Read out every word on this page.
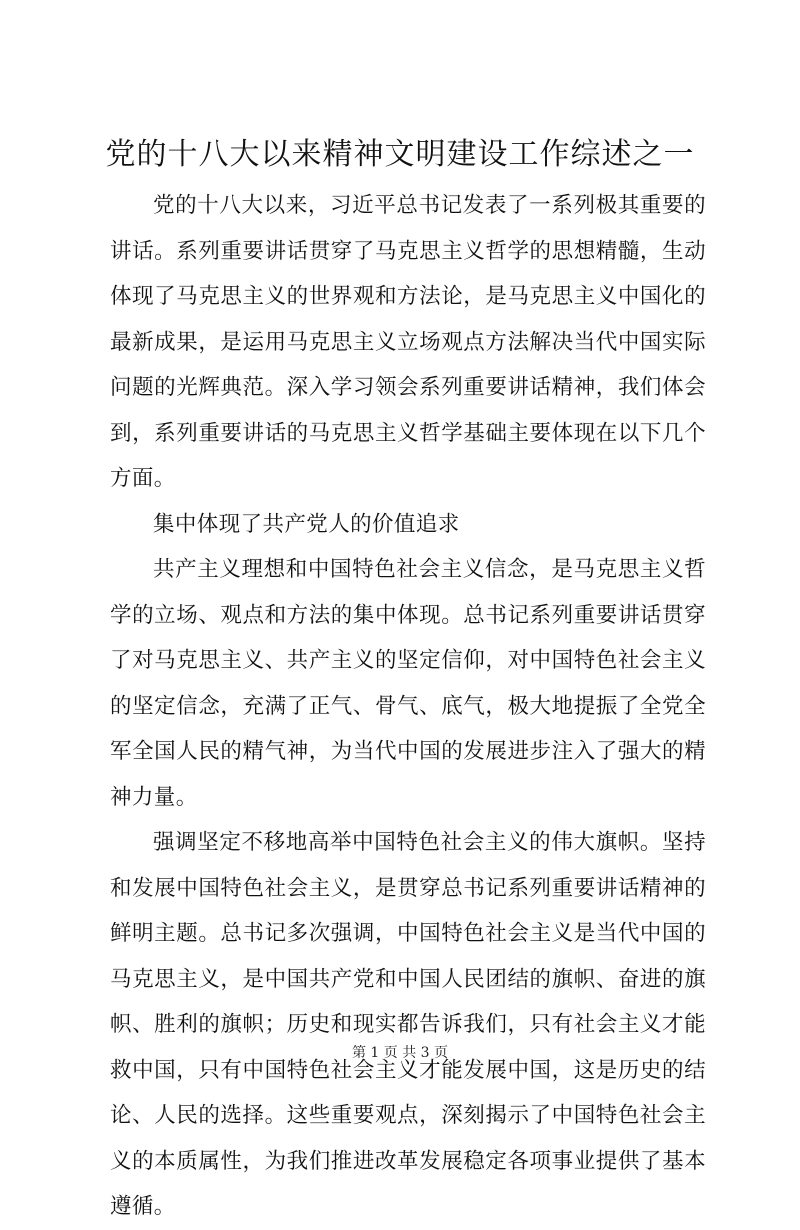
党的十八大以来精神文明建设工作综述之一

党的十八大以来，习近平总书记发表了一系列极其重要的讲话。系列重要讲话贯穿了马克思主义哲学的思想精髓，生动体现了马克思主义的世界观和方法论，是马克思主义中国化的最新成果，是运用马克思主义立场观点方法解决当代中国实际问题的光辉典范。深入学习领会系列重要讲话精神，我们体会到，系列重要讲话的马克思主义哲学基础主要体现在以下几个方面。

集中体现了共产党人的价值追求

共产主义理想和中国特色社会主义信念，是马克思主义哲学的立场、观点和方法的集中体现。总书记系列重要讲话贯穿了对马克思主义、共产主义的坚定信仰，对中国特色社会主义的坚定信念，充满了正气、骨气、底气，极大地提振了全党全军全国人民的精气神，为当代中国的发展进步注入了强大的精神力量。

强调坚定不移地高举中国特色社会主义的伟大旗帜。坚持和发展中国特色社会主义，是贯穿总书记系列重要讲话精神的鲜明主题。总书记多次强调，中国特色社会主义是当代中国的马克思主义，是中国共产党和中国人民团结的旗帜、奋进的旗帜、胜利的旗帜；历史和现实都告诉我们，只有社会主义才能救中国，只有中国特色社会主义才能发展中国，这是历史的结论、人民的选择。这些重要观点，深刻揭示了中国特色社会主义的本质属性，为我们推进改革发展稳定各项事业提供了基本遵循。

第 1 页 共 3 页
